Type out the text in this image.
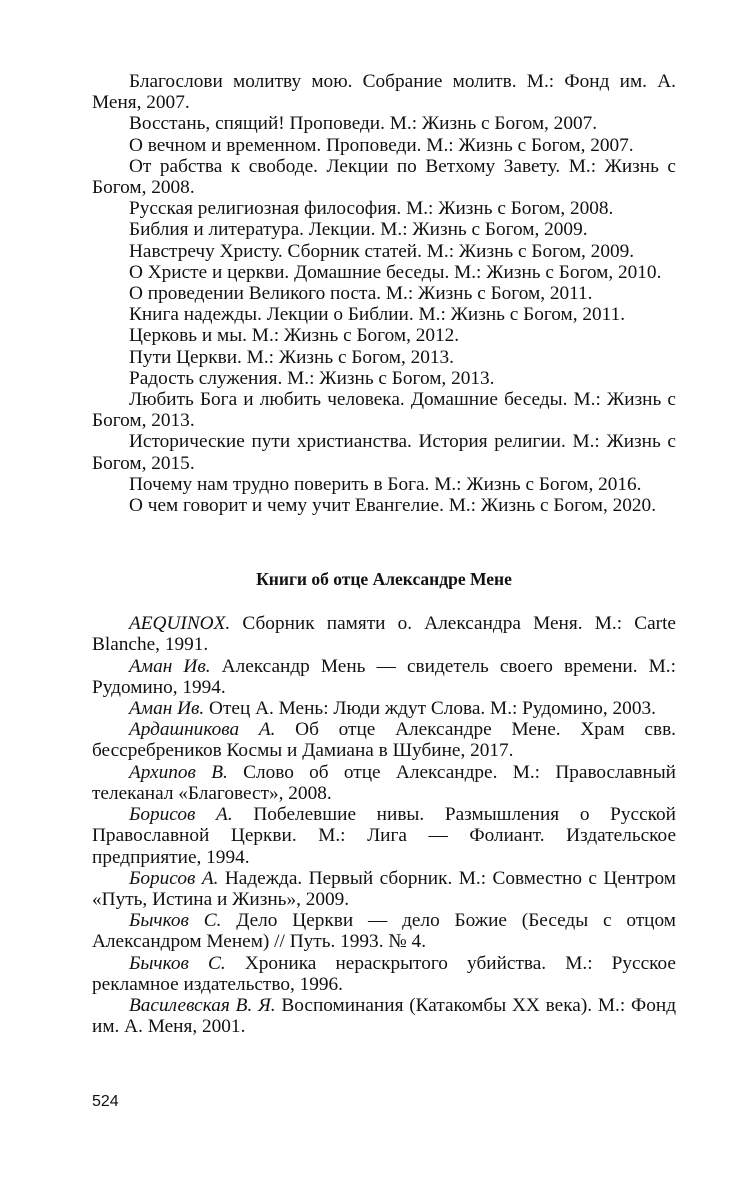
Благослови молитву мою. Собрание молитв. М.: Фонд им. А. Меня, 2007.

Восстань, спящий! Проповеди. М.: Жизнь с Богом, 2007.

О вечном и временном. Проповеди. М.: Жизнь с Богом, 2007.

От рабства к свободе. Лекции по Ветхому Завету. М.: Жизнь с Богом, 2008.

Русская религиозная философия. М.: Жизнь с Богом, 2008.

Библия и литература. Лекции. М.: Жизнь с Богом, 2009.

Навстречу Христу. Сборник статей. М.: Жизнь с Богом, 2009.

О Христе и церкви. Домашние беседы. М.: Жизнь с Богом, 2010.

О проведении Великого поста. М.: Жизнь с Богом, 2011.

Книга надежды. Лекции о Библии. М.: Жизнь с Богом, 2011.

Церковь и мы. М.: Жизнь с Богом, 2012.

Пути Церкви. М.: Жизнь с Богом, 2013.

Радость служения. М.: Жизнь с Богом, 2013.

Любить Бога и любить человека. Домашние беседы. М.: Жизнь с Богом, 2013.

Исторические пути христианства. История религии. М.: Жизнь с Богом, 2015.

Почему нам трудно поверить в Бога. М.: Жизнь с Богом, 2016.

О чем говорит и чему учит Евангелие. М.: Жизнь с Богом, 2020.

Книги об отце Александре Мене

AEQUINOX. Сборник памяти о. Александра Меня. М.: Carte Blanche, 1991.

Аман Ив. Александр Мень — свидетель своего времени. М.: Рудомино, 1994.

Аман Ив. Отец А. Мень: Люди ждут Слова. М.: Рудомино, 2003.

Ардашникова А. Об отце Александре Мене. Храм свв. бессребреников Космы и Дамиана в Шубине, 2017.

Архипов В. Слово об отце Александре. М.: Православный телеканал «Благовест», 2008.

Борисов А. Побелевшие нивы. Размышления о Русской Православной Церкви. М.: Лига — Фолиант. Издательское предприятие, 1994.

Борисов А. Надежда. Первый сборник. М.: Совместно с Центром «Путь, Истина и Жизнь», 2009.

Бычков С. Дело Церкви — дело Божие (Беседы с отцом Александром Менем) // Путь. 1993. № 4.

Бычков С. Хроника нераскрытого убийства. М.: Русское рекламное издательство, 1996.

Василевская В. Я. Воспоминания (Катакомбы XX века). М.: Фонд им. А. Меня, 2001.

524
